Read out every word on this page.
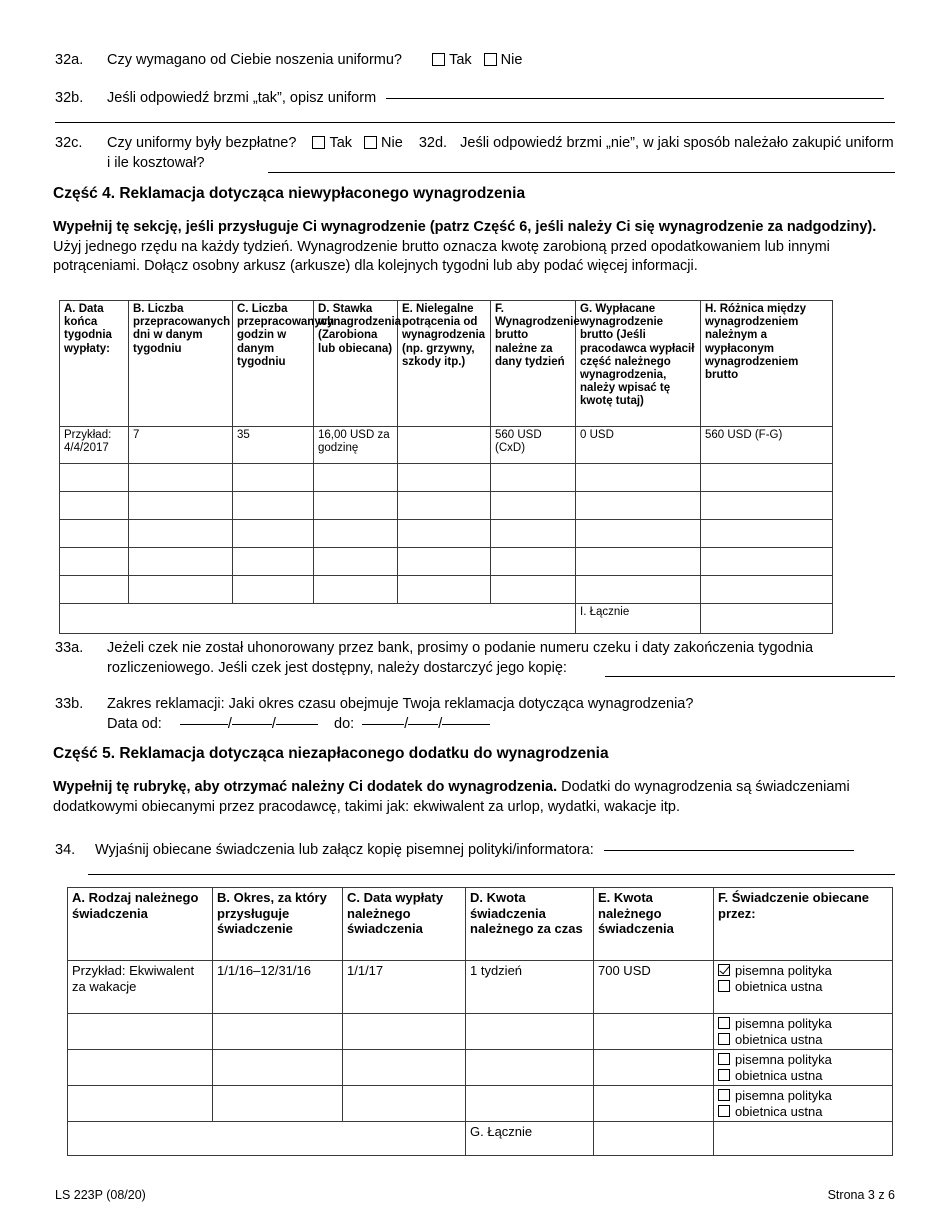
32a.	Czy wymagano od Ciebie noszenia uniformu?	Tak Nie
32b.	Jeśli odpowiedź brzmi „tak”, opisz uniform
32c.	Czy uniformy były bezpłatne? Tak Nie 32d. Jeśli odpowiedź brzmi „nie”, w jaki sposób należało zakupić uniform i ile kosztował?
Część 4. Reklamacja dotycząca niewypłaconego wynagrodzenia
Wypełnij tę sekcję, jeśli przysługuje Ci wynagrodzenie (patrz Część 6, jeśli należy Ci się wynagrodzenie za nadgodziny). Użyj jednego rzędu na każdy tydzień. Wynagrodzenie brutto oznacza kwotę zarobioną przed opodatkowaniem lub innymi potrąceniami. Dołącz osobny arkusz (arkusze) dla kolejnych tygodni lub aby podać więcej informacji.
A. Data końca tygodnia wypłaty:	B. Liczba przepracowanych dni w danym tygodniu	C. Liczba przepracowanych godzin w danym tygodniu	D. Stawka wynagrodzenia (Zarobiona lub obiecana)	E. Nielegalne potrącenia od wynagrodzenia (np. grzywny, szkody itp.)	F. Wynagrodzenie brutto należne za dany tydzień	G. Wypłacane wynagrodzenie brutto (Jeśli pracodawca wypłacił część należnego wynagrodzenia, należy wpisać tę kwotę tutaj)	H. Różnica między wynagrodzeniem należnym a wypłaconym wynagrodzeniem brutto
Przykład: 4/4/2017	7	35	16,00 USD za godzinę		560 USD (CxD)	0 USD	560 USD (F-G)

						I. Łącznie	
33a.	Jeżeli czek nie został uhonorowany przez bank, prosimy o podanie numeru czeku i daty zakończenia tygodnia rozliczeniowego. Jeśli czek jest dostępny, należy dostarczyć jego kopię:
33b.	Zakres reklamacji: Jaki okres czasu obejmuje Twoja reklamacja dotycząca wynagrodzenia?
Data od:	/	/	do:	/ /
Część 5. Reklamacja dotycząca niezapłaconego dodatku do wynagrodzenia
Wypełnij tę rubrykę, aby otrzymać należny Ci dodatek do wynagrodzenia. Dodatki do wynagrodzenia są świadczeniami dodatkowymi obiecanymi przez pracodawcę, takimi jak: ekwiwalent za urlop, wydatki, wakacje itp.
34.	Wyjaśnij obiecane świadczenia lub załącz kopię pisemnej polityki/informatora:
A. Rodzaj należnego świadczenia	B. Okres, za który przysługuje świadczenie	C. Data wypłaty należnego świadczenia	D. Kwota świadczenia należnego za czas	E. Kwota należnego świadczenia	F. Świadczenie obiecane przez:
Przykład: Ekwiwalent za wakacje	1/1/16–12/31/16	1/1/17	1 tydzień	700 USD	pisemna polityka
obietnica ustna

					pisemna polityka
obietnica ustna

					pisemna polityka
obietnica ustna

					pisemna polityka
obietnica ustna

			G. Łącznie		
LS 223P (08/20)	Strona 3 z 6
